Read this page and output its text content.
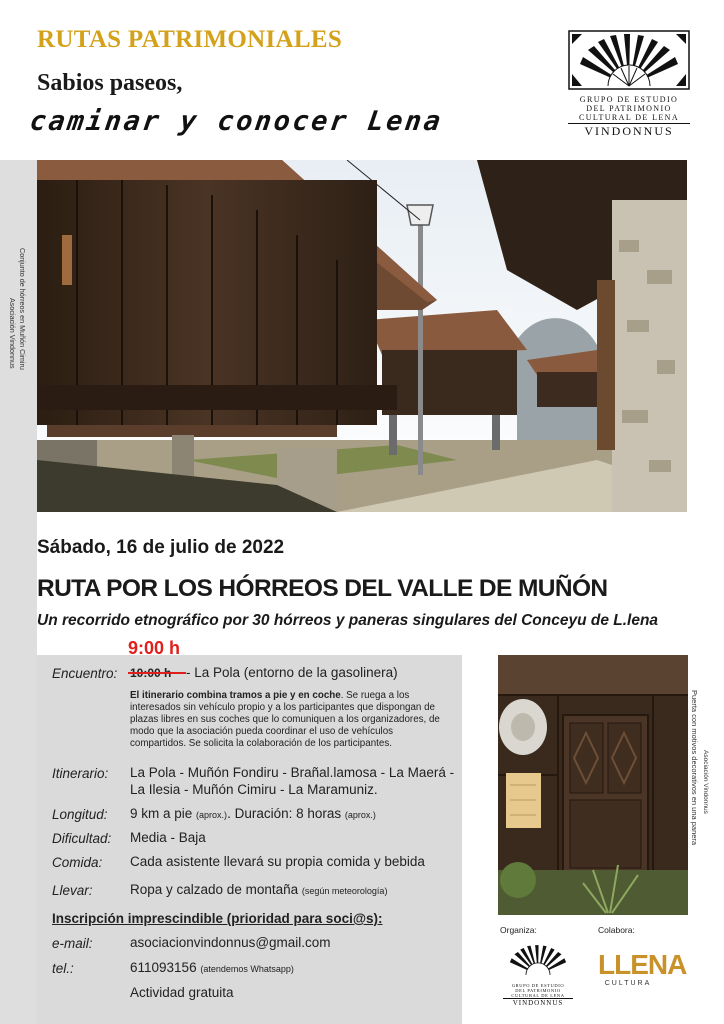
RUTAS PATRIMONIALES
Sabios paseos,
caminar y conocer Lena
GRUPO DE ESTUDIO
DEL PATRIMONIO
CULTURAL DE LENA
VINDONNUS
Conjunto de hórreos en Muñón Cimiru
Asociación Vindonnus
Sábado, 16 de julio de 2022
RUTA POR LOS HÓRREOS DEL VALLE DE MUÑÓN
Un recorrido etnográfico por 30 hórreos y paneras singulares del Conceyu de L.lena
9:00 h
Encuentro:	- La Pola (entorno de la gasolinera)
El itinerario combina tramos a pie y en coche. Se ruega a los interesados sin vehículo propio y a los participantes que dispongan de plazas libres en sus coches que lo comuniquen a los organizadores, de modo que la asociación pueda coordinar el uso de vehículos compartidos. Se solicita la colaboración de los participantes.
Itinerario: La Pola - Muñón Fondiru - Brañal.lamosa - La Maerá -
La Ilesia - Muñón Cimiru - La Maramuniz.
Longitud: 9 km a pie (aprox.). Duración: 8 horas (aprox.)
Dificultad: Media - Baja
Comida: Cada asistente llevará su propia comida y bebida
Llevar:	Ropa y calzado de montaña (según meteorología)
Inscripción imprescindible (prioridad para soci@s):
e-mail:	asociacionvindonnus@gmail.com
tel.:	611093156 (atendemos Whatsapp)
Actividad gratuita
Puerta con motivos decorativos en una panera Asociación Vindonnus
Organiza:	Colabora:
GRUPO DE ESTUDIO
DEL PATRIMONIO
CULTURAL DE LENA
VINDONNUS
LLENA
CULTURA
